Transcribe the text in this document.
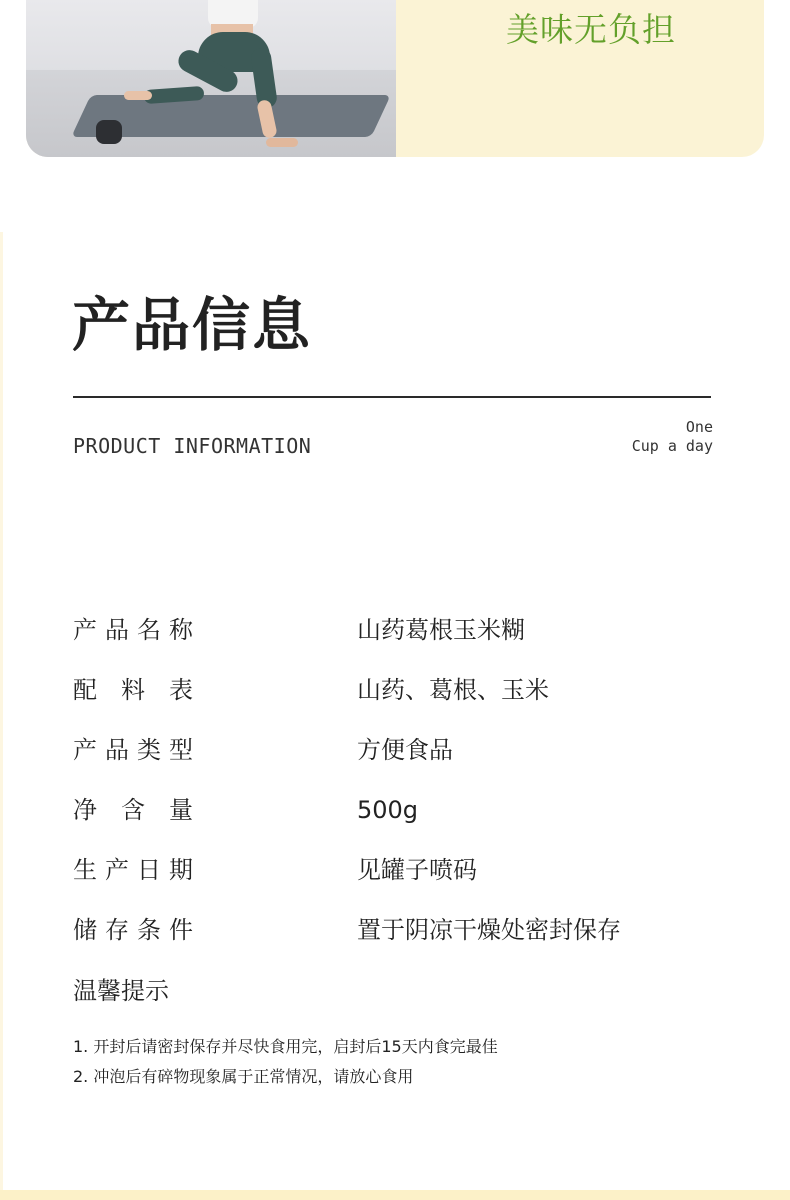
美味无负担
产品信息
PRODUCT INFORMATION
One
Cup a day
产品名称	山药葛根玉米糊
配料表	山药、葛根、玉米
产品类型	方便食品
净含量	500g
生产日期	见罐子喷码
储存条件	置于阴凉干燥处密封保存
温馨提示
1. 开封后请密封保存并尽快食用完，启封后15天内食完最佳
2. 冲泡后有碎物现象属于正常情况，请放心食用
